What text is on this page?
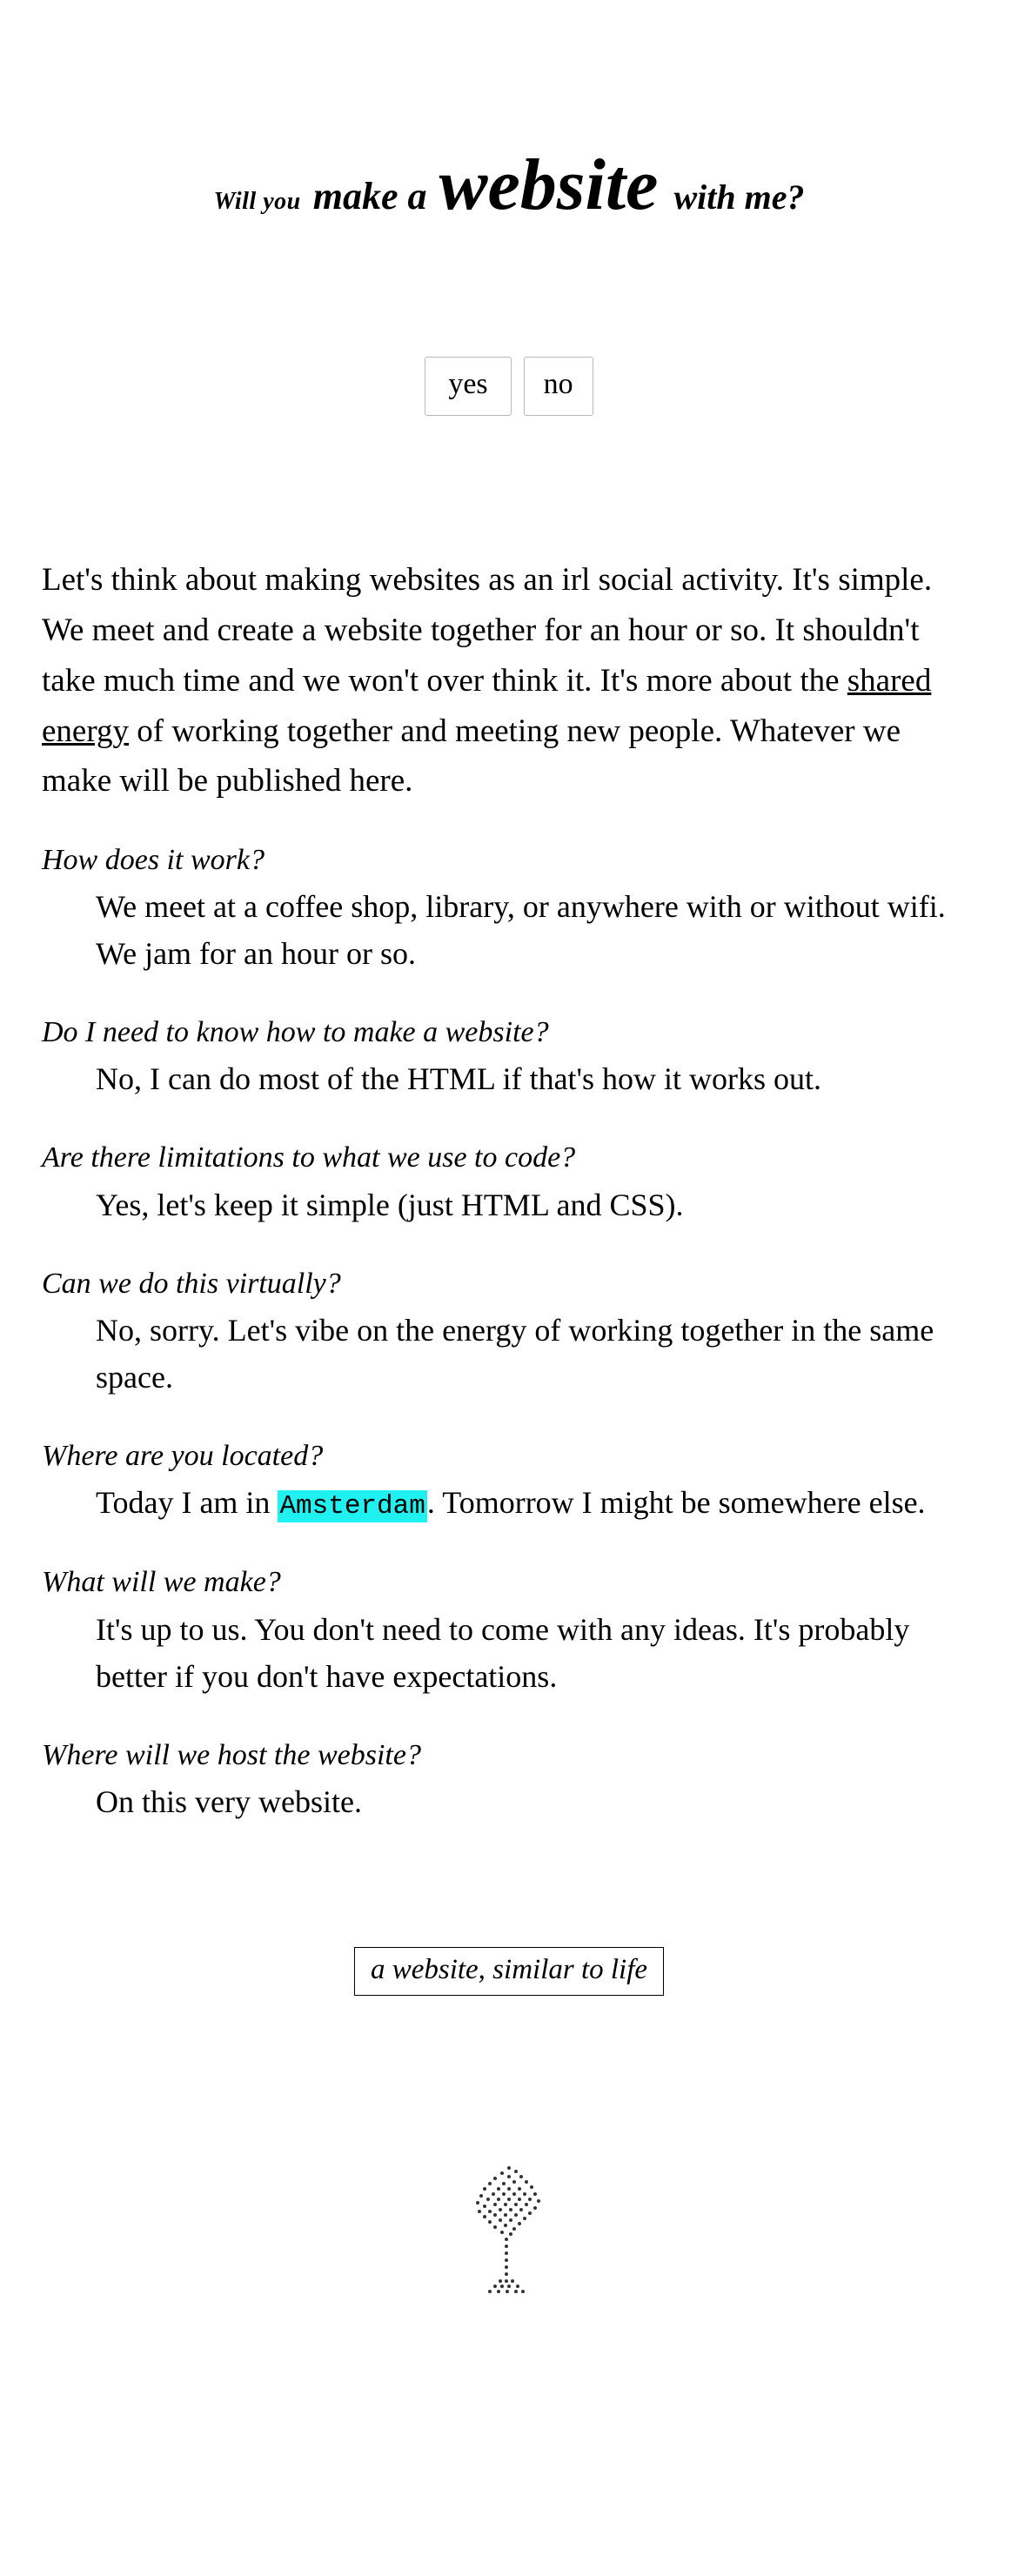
Will you make a website with me?
yes	no

Let's think about making websites as an irl social activity. It's simple. We meet and create a website together for an hour or so. It shouldn't take much time and we won't over think it. It's more about the shared energy of working together and meeting new people. Whatever we make will be published here.

How does it work?
We meet at a coffee shop, library, or anywhere with or without wifi. We jam for an hour or so.
Do I need to know how to make a website?
No, I can do most of the HTML if that's how it works out.
Are there limitations to what we use to code?
Yes, let's keep it simple (just HTML and CSS).
Can we do this virtually?
No, sorry. Let's vibe on the energy of working together in the same space.
Where are you located?
Today I am in Amsterdam. Tomorrow I might be somewhere else.
What will we make?
It's up to us. You don't need to come with any ideas. It's probably better if you don't have expectations.
Where will we host the website?
On this very website.
a website, similar to life
